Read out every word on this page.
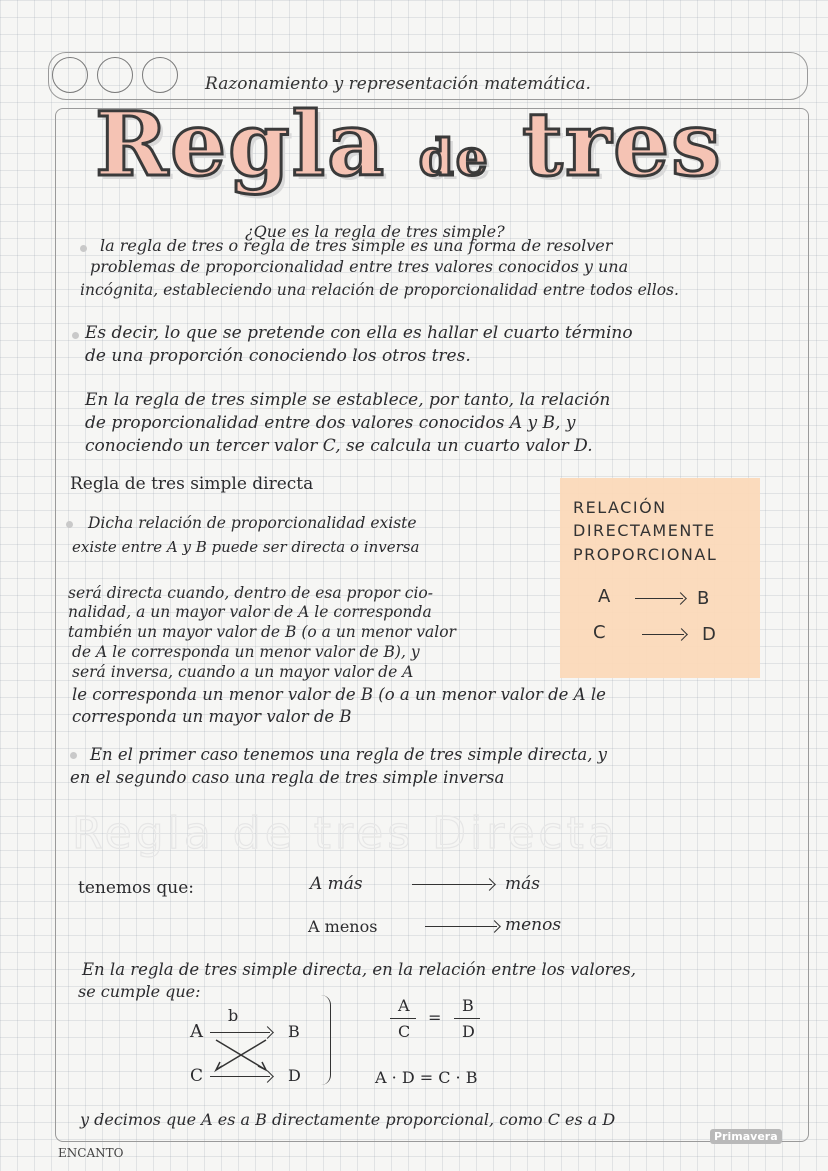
Razonamiento y representación matemática.
Regla de tres
¿Que es la regla de tres simple?
la regla de tres o regla de tres simple es una forma de resolver
problemas de proporcionalidad entre tres valores conocidos y una
incógnita, estableciendo una relación de proporcionalidad entre todos ellos.
Es decir, lo que se pretende con ella es hallar el cuarto término
de una proporción conociendo los otros tres.
En la regla de tres simple se establece, por tanto, la relación
de proporcionalidad entre dos valores conocidos A y B, y
conociendo un tercer valor C, se calcula un cuarto valor D.
Regla de tres simple directa
RELACIÓN
DIRECTAMENTE
PROPORCIONAL
A	B
C	D
Dicha relación de proporcionalidad existe
existe entre A y B puede ser directa o inversa
será directa cuando, dentro de esa propor cio-
nalidad, a un mayor valor de A le corresponda
también un mayor valor de B (o a un menor valor
de A le corresponda un menor valor de B), y
será inversa, cuando a un mayor valor de A
le corresponda un menor valor de B (o a un menor valor de A le
corresponda un mayor valor de B
En el primer caso tenemos una regla de tres simple directa, y
en el segundo caso una regla de tres simple inversa
Regla de tres Directa
tenemos que:	A más	más
A menos	menos
En la regla de tres simple directa, en la relación entre los valores,
se cumple que:
b
A	B
C	D
A
C
=
B
D
A · D = C · B
y decimos que A es a B directamente proporcional, como C es a D
Primavera
ENCANTO
